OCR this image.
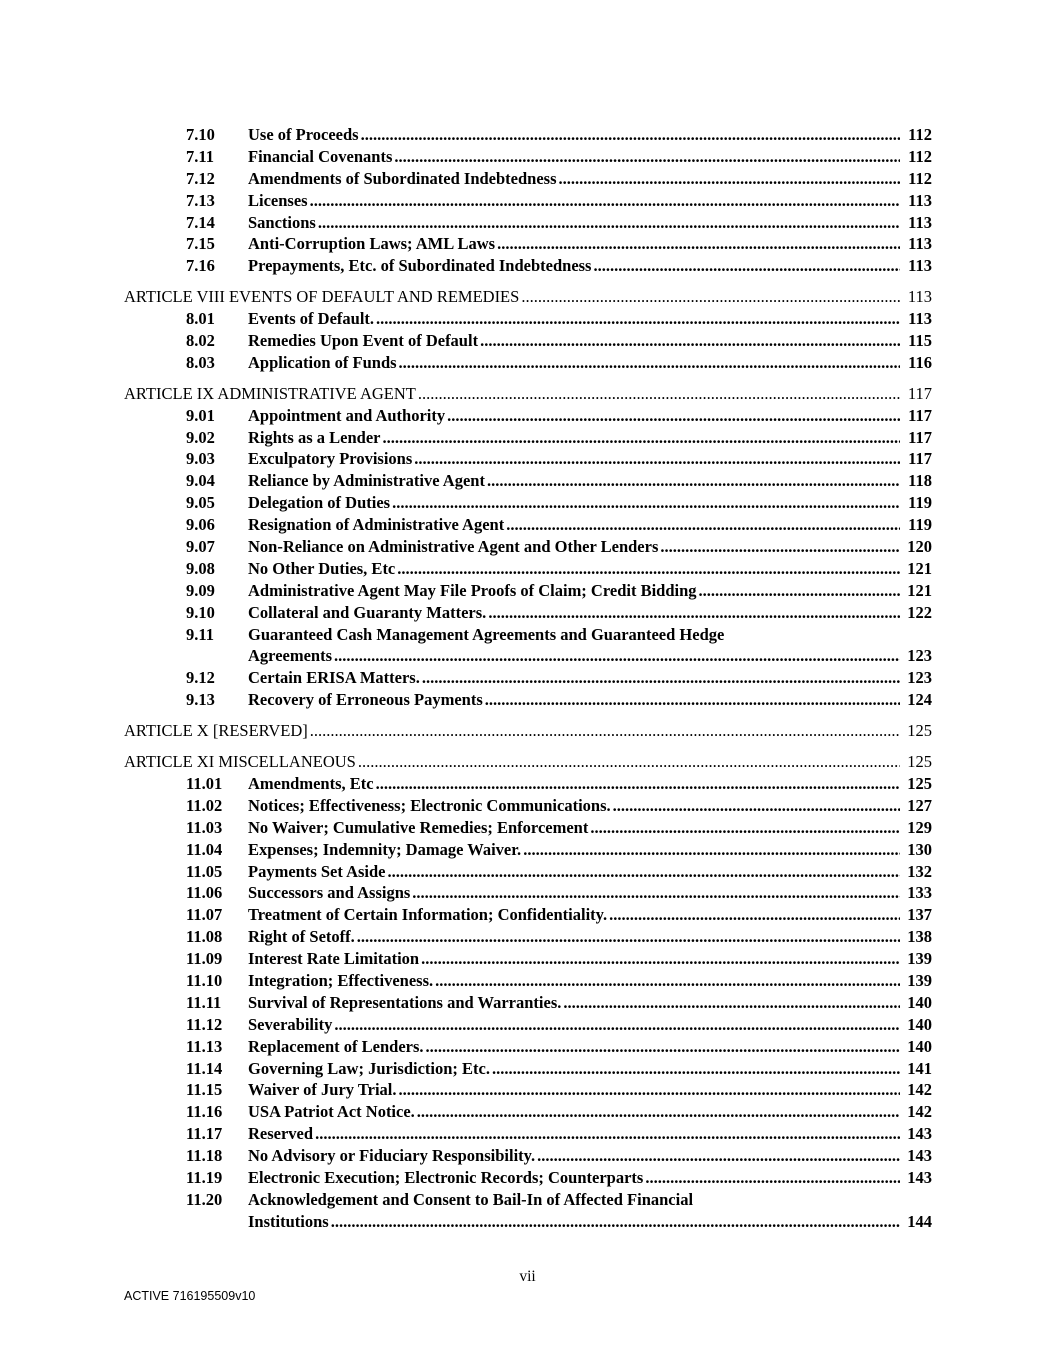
7.10 Use of Proceeds .....	112
7.11 Financial Covenants .....	112
7.12 Amendments of Subordinated Indebtedness .....	112
7.13 Licenses .....	113
7.14 Sanctions .....	113
7.15 Anti-Corruption Laws; AML Laws .....	113
7.16 Prepayments, Etc. of Subordinated Indebtedness .....	113
ARTICLE VIII EVENTS OF DEFAULT AND REMEDIES .....	113
8.01 Events of Default. .....	113
8.02 Remedies Upon Event of Default .....	115
8.03 Application of Funds .....	116
ARTICLE IX ADMINISTRATIVE AGENT .....	117
9.01 Appointment and Authority .....	117
9.02 Rights as a Lender .....	117
9.03 Exculpatory Provisions .....	117
9.04 Reliance by Administrative Agent .....	118
9.05 Delegation of Duties .....	119
9.06 Resignation of Administrative Agent .....	119
9.07 Non-Reliance on Administrative Agent and Other Lenders .....	120
9.08 No Other Duties, Etc .....	121
9.09 Administrative Agent May File Proofs of Claim; Credit Bidding .....	121
9.10 Collateral and Guaranty Matters. .....	122
9.11 Guaranteed Cash Management Agreements and Guaranteed Hedge
Agreements .....	123
9.12 Certain ERISA Matters. .....	123
9.13 Recovery of Erroneous Payments .....	124
ARTICLE X [RESERVED] .....	125
ARTICLE XI MISCELLANEOUS .....	125
11.01 Amendments, Etc .....	125
11.02 Notices; Effectiveness; Electronic Communications. .....	127
11.03 No Waiver; Cumulative Remedies; Enforcement .....	129
11.04 Expenses; Indemnity; Damage Waiver. .....	130
11.05 Payments Set Aside .....	132
11.06 Successors and Assigns .....	133
11.07 Treatment of Certain Information; Confidentiality. .....	137
11.08 Right of Setoff. .....	138
11.09 Interest Rate Limitation .....	139
11.10 Integration; Effectiveness. .....	139
11.11 Survival of Representations and Warranties. .....	140
11.12 Severability .....	140
11.13 Replacement of Lenders. .....	140
11.14 Governing Law; Jurisdiction; Etc. .....	141
11.15 Waiver of Jury Trial. .....	142
11.16 USA Patriot Act Notice. .....	142
11.17 Reserved .....	143
11.18 No Advisory or Fiduciary Responsibility. .....	143
11.19 Electronic Execution; Electronic Records; Counterparts .....	143
11.20 Acknowledgement and Consent to Bail-In of Affected Financial
Institutions .....	144
vii
ACTIVE 716195509v10
